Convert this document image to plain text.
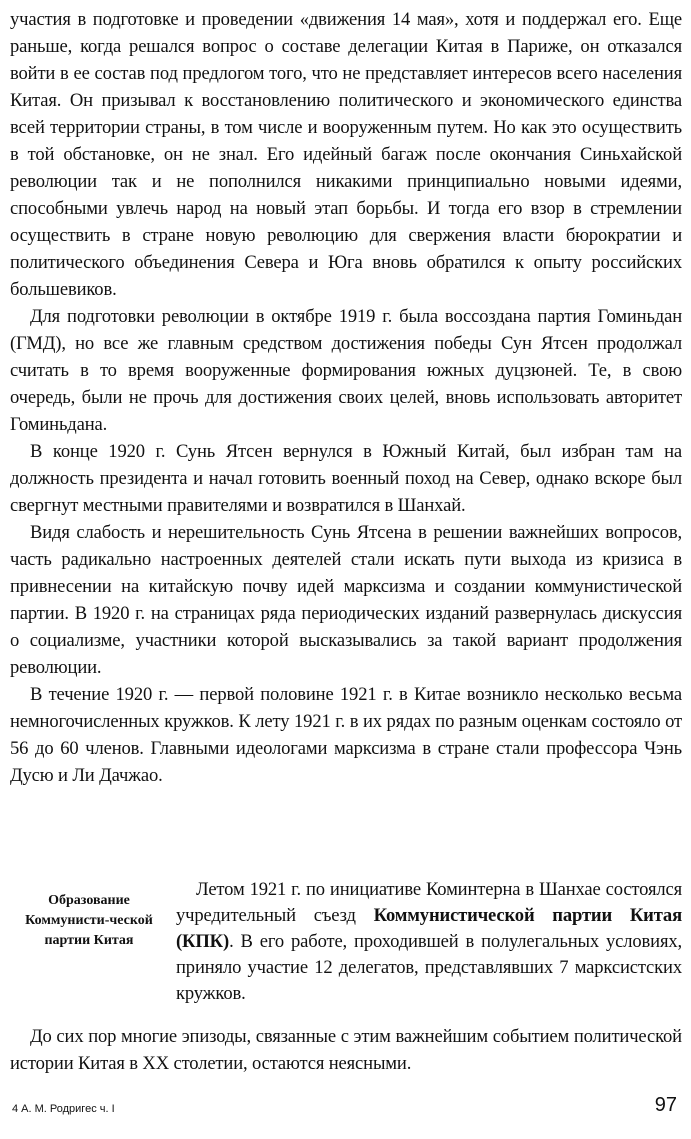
участия в подготовке и проведении «движения 14 мая», хотя и поддержал его. Еще раньше, когда решался вопрос о составе делегации Китая в Париже, он отказался войти в ее состав под предлогом того, что не представляет интересов всего населения Китая. Он призывал к восстановлению политического и экономического единства всей территории страны, в том числе и вооруженным путем. Но как это осуществить в той обстановке, он не знал. Его идейный багаж после окончания Синьхайской революции так и не пополнился никакими принципиально новыми идеями, способными увлечь народ на новый этап борьбы. И тогда его взор в стремлении осуществить в стране новую революцию для свержения власти бюрократии и политического объединения Севера и Юга вновь обратился к опыту российских большевиков.

Для подготовки революции в октябре 1919 г. была воссоздана партия Гоминьдан (ГМД), но все же главным средством достижения победы Сун Ятсен продолжал считать в то время вооруженные формирования южных дуцзюней. Те, в свою очередь, были не прочь для достижения своих целей, вновь использовать авторитет Гоминьдана.

В конце 1920 г. Сунь Ятсен вернулся в Южный Китай, был избран там на должность президента и начал готовить военный поход на Север, однако вскоре был свергнут местными правителями и возвратился в Шанхай.

Видя слабость и нерешительность Сунь Ятсена в решении важнейших вопросов, часть радикально настроенных деятелей стали искать пути выхода из кризиса в привнесении на китайскую почву идей марксизма и создании коммунистической партии. В 1920 г. на страницах ряда периодических изданий развернулась дискуссия о социализме, участники которой высказывались за такой вариант продолжения революции.

В течение 1920 г. — первой половине 1921 г. в Китае возникло несколько весьма немногочисленных кружков. К лету 1921 г. в их рядах по разным оценкам состояло от 56 до 60 членов. Главными идеологами марксизма в стране стали профессора Чэнь Дусю и Ли Дачжао.

Образование Коммунисти-ческой партии Китая

Летом 1921 г. по инициативе Коминтерна в Шанхае состоялся учредительный съезд Коммунистической партии Китая (КПК). В его работе, проходившей в полулегальных условиях, приняло участие 12 делегатов, представлявших 7 марксистских кружков.

До сих пор многие эпизоды, связанные с этим важнейшим событием политической истории Китая в XX столетии, остаются неясными.

4 А. М. Родригес ч. I	97
